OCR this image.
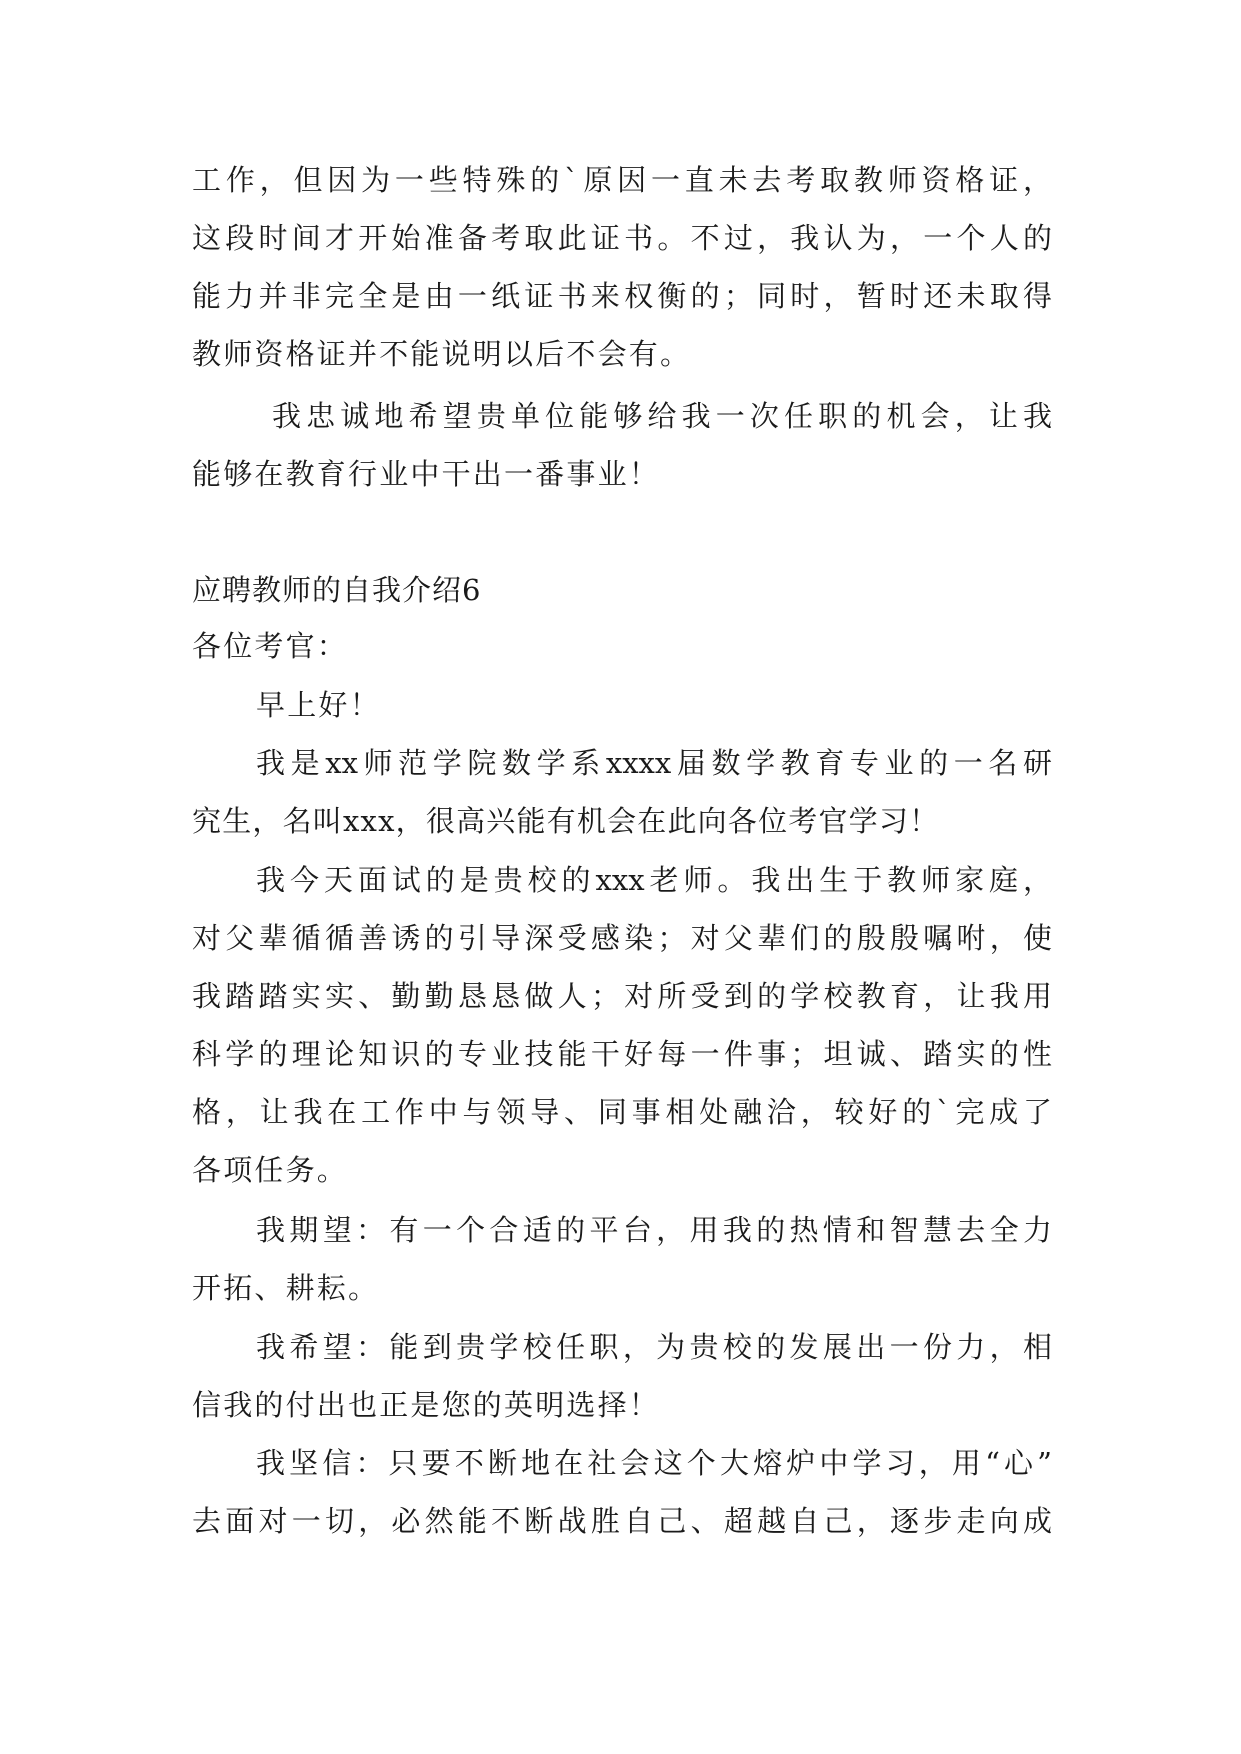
工作，但因为一些特殊的`原因一直未去考取教师资格证，
这段时间才开始准备考取此证书。不过，我认为，一个人的
能力并非完全是由一纸证书来权衡的；同时，暂时还未取得
教师资格证并不能说明以后不会有。
我忠诚地希望贵单位能够给我一次任职的机会，让我
能够在教育行业中干出一番事业！
应聘教师的自我介绍6
各位考官：
早上好！
我是xx师范学院数学系xxxx届数学教育专业的一名研
究生，名叫xxx，很高兴能有机会在此向各位考官学习！
我今天面试的是贵校的xxx老师。我出生于教师家庭，
对父辈循循善诱的引导深受感染；对父辈们的殷殷嘱咐，使
我踏踏实实、勤勤恳恳做人；对所受到的学校教育，让我用
科学的理论知识的专业技能干好每一件事；坦诚、踏实的性
格，让我在工作中与领导、同事相处融洽，较好的`完成了
各项任务。
我期望：有一个合适的平台，用我的热情和智慧去全力
开拓、耕耘。
我希望：能到贵学校任职，为贵校的发展出一份力，相
信我的付出也正是您的英明选择！
我坚信：只要不断地在社会这个大熔炉中学习，用“心”
去面对一切，必然能不断战胜自己、超越自己，逐步走向成
